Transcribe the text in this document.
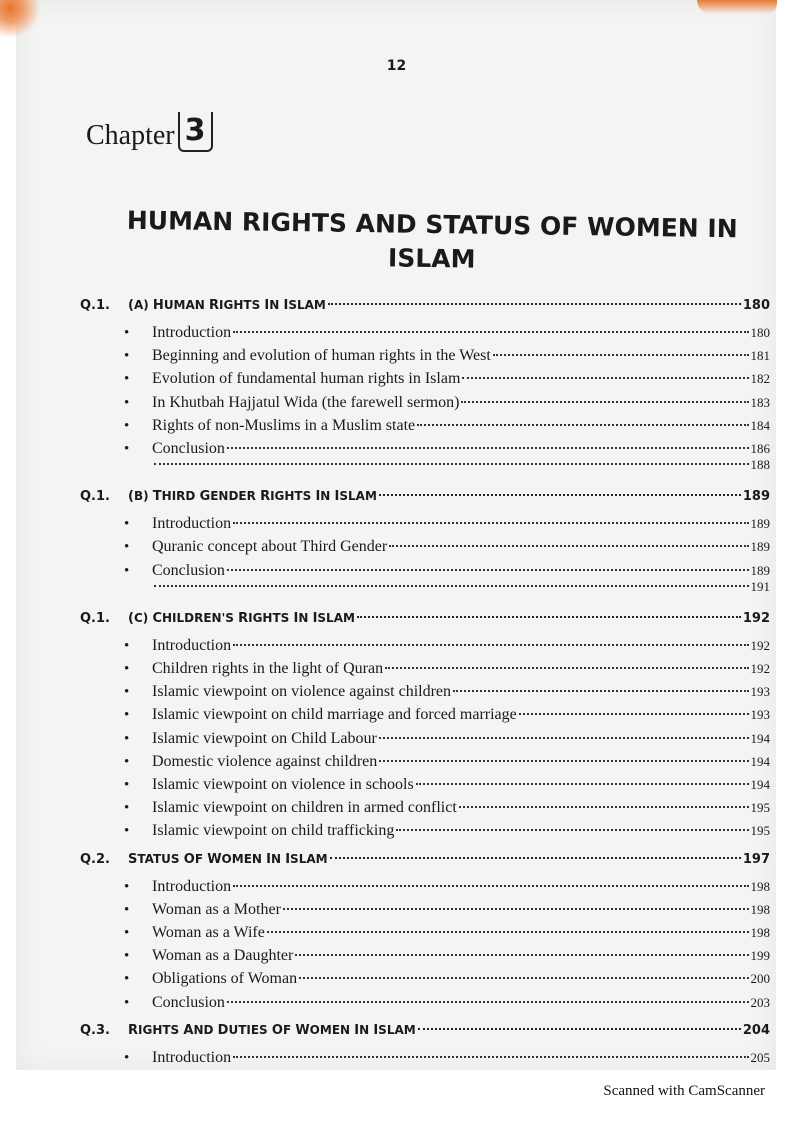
12
Chapter 3
HUMAN RIGHTS AND STATUS OF WOMEN IN ISLAM
Q.1.	(A) HUMAN RIGHTS IN ISLAM	180
•	Introduction	180
•	Beginning and evolution of human rights in the West	181
•	Evolution of fundamental human rights in Islam	182
•	In Khutbah Hajjatul Wida (the farewell sermon)	183
•	Rights of non-Muslims in a Muslim state	184
•	Conclusion	186
188
Q.1.	(B) THIRD GENDER RIGHTS IN ISLAM	189
•	Introduction	189
•	Quranic concept about Third Gender	189
•	Conclusion	189
191
Q.1.	(C) CHILDREN'S RIGHTS IN ISLAM	192
•	Introduction	192
•	Children rights in the light of Quran	192
•	Islamic viewpoint on violence against children	193
•	Islamic viewpoint on child marriage and forced marriage	193
•	Islamic viewpoint on Child Labour	194
•	Domestic violence against children	194
•	Islamic viewpoint on violence in schools	194
•	Islamic viewpoint on children in armed conflict	195
•	Islamic viewpoint on child trafficking	195
Q.2.	STATUS OF WOMEN IN ISLAM	197
•	Introduction	198
•	Woman as a Mother	198
•	Woman as a Wife	198
•	Woman as a Daughter	199
•	Obligations of Woman	200
•	Conclusion	203
Q.3.	RIGHTS AND DUTIES OF WOMEN IN ISLAM	204
•	Introduction	205
Scanned with CamScanner
